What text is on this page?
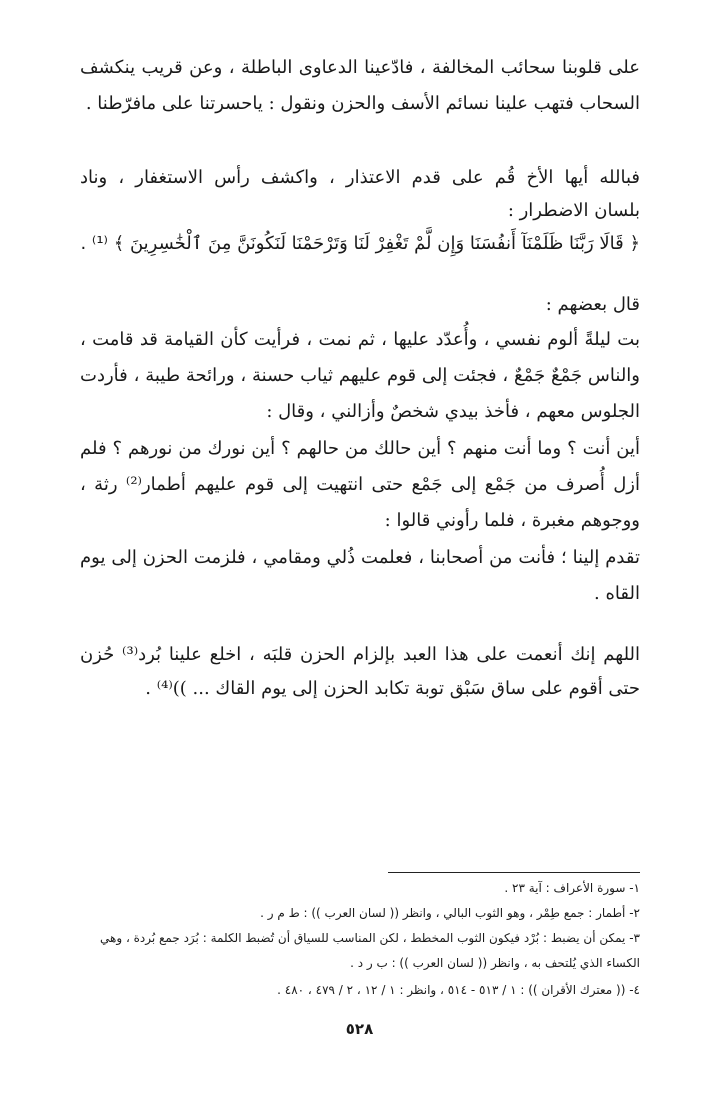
على قلوبنا سحائب المخالفة ، فادّعينا الدعاوى الباطلة ، وعن قريب ينكشف
السحاب فتهب علينا نسائم الأسف والحزن ونقول : ياحسرتنا على مافرّطنا .
فبالله أيها الأخ قُم على قدم الاعتذار ، واكشف رأس الاستغفار ، وناد
بلسان الاضطرار :
﴿ قَالَا رَبَّنَا ظَلَمْنَآ أَنفُسَنَا وَإِن لَّمْ تَغْفِرْ لَنَا وَتَرْحَمْنَا لَنَكُونَنَّ مِنَ ٱلْخَٰسِرِينَ ﴾ ⁽¹⁾ .
قال بعضهم :
بت ليلةً ألوم نفسي ، وأُعدّد عليها ، ثم نمت ، فرأيت كأن القيامة قد قامت ،
والناس جَمْعٌ جَمْعٌ ، فجئت إلى قوم عليهم ثياب حسنة ، ورائحة طيبة ، فأردت
الجلوس معهم ، فأخذ بيدي شخصٌ وأزالني ، وقال :
أين أنت ؟ وما أنت منهم ؟ أين حالك من حالهم ؟ أين نورك من نورهم ؟ فلم
أزل أُصرف من جَمْع إلى جَمْع حتى انتهيت إلى قوم عليهم أطمار⁽²⁾ رثة ،
ووجوهم مغبرة ، فلما رأوني قالوا :
تقدم إلينا ؛ فأنت من أصحابنا ، فعلمت ذُلي ومقامي ، فلزمت الحزن إلى يوم
القاه .
اللهم إنك أنعمت على هذا العبد بإلزام الحزن قلبَه ، اخلع علينا بُرد⁽³⁾ حُزن
حتى أقوم على ساق سَبْق توبة تكابد الحزن إلى يوم القاك ... ))⁽⁴⁾ .
١- سورة الأعراف : آية ٢٣ .
٢- أطمار : جمع طِمْر ، وهو الثوب البالي ، وانظر (( لسان العرب )) : ط م ر .
٣- يمكن أن يضبط : بُرْد فيكون الثوب المخطط ، لكن المناسب للسياق أن تُضبط الكلمة : بُرَد جمع بُردة ، وهي
الكساء الذي يُلتحف به ، وانظر (( لسان العرب )) : ب ر د .
٤- (( معترك الأقران )) : ١ / ٥١٣ - ٥١٤ ، وانظر : ١ / ١٢ ، ٢ / ٤٧٩ ، ٤٨٠ .
٥٢٨
